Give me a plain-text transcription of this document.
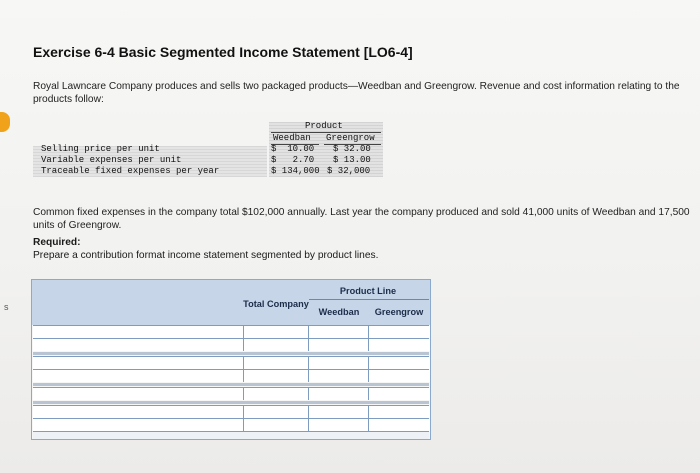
s
Exercise 6-4 Basic Segmented Income Statement [LO6-4]
Royal Lawncare Company produces and sells two packaged products—Weedban and Greengrow. Revenue and cost information relating to the products follow:
Product
Weedban Greengrow
Selling price per unit	$  10.00 $ 32.00
Variable expenses per unit	$   2.70 $ 13.00
Traceable fixed expenses per year	$ 134,000 $ 32,000
Common fixed expenses in the company total $102,000 annually. Last year the company produced and sold 41,000 units of Weedban and 17,500 units of Greengrow.
Required:
Prepare a contribution format income statement segmented by product lines.
Product Line
Total Company
Weedban	Greengrow
